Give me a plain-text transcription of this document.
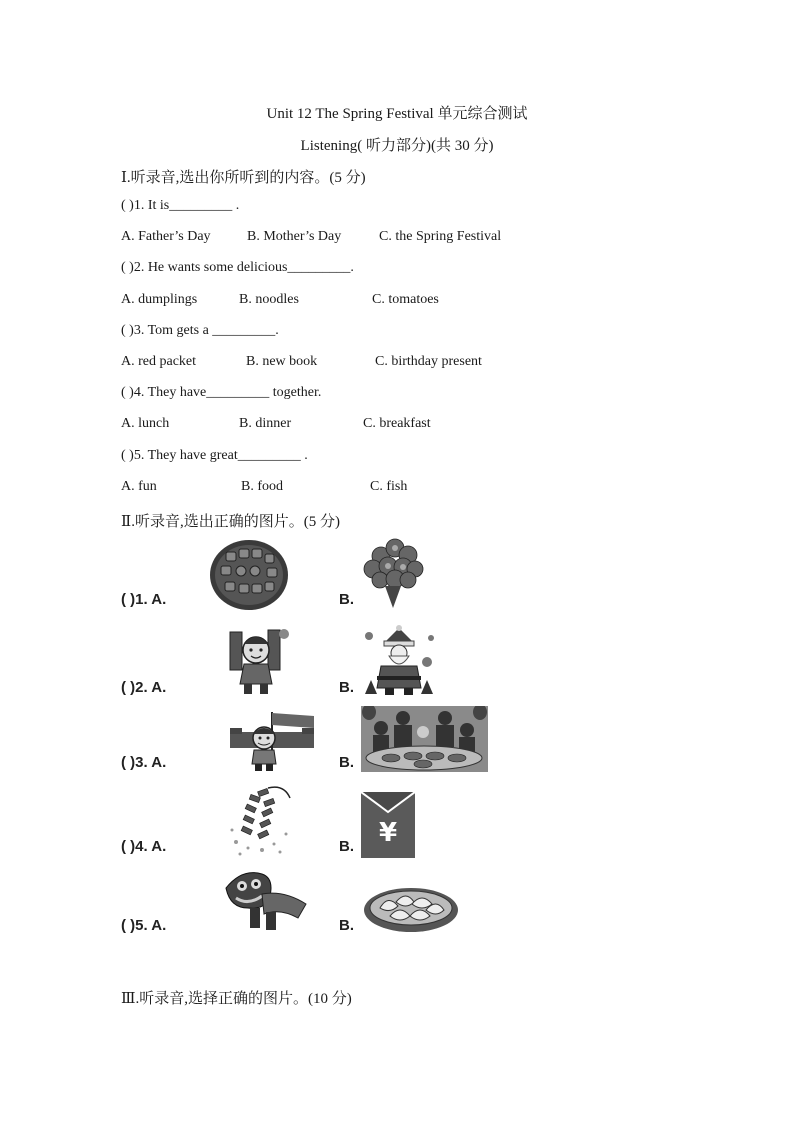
Unit 12 The Spring Festival 单元综合测试
Listening( 听力部分)(共 30 分)
Ⅰ.听录音,选出你所听到的内容。(5 分)
( )1. It is_________ .
A. Father’s Day	B. Mother’s Day	C. the Spring Festival
( )2. He wants some delicious_________.
A. dumplings	B. noodles	C. tomatoes
( )3. Tom gets a _________.
A. red packet	B. new book	C. birthday present
( )4. They have_________ together.
A. lunch	B. dinner	C. breakfast
( )5. They have great_________ .
A. fun	B. food	C. fish
Ⅱ.听录音,选出正确的图片。(5 分)
( )1. A.	B.
( )2. A.	B.
( )3. A.	B.
( )4. A.	B. ¥
( )5. A.	B.
Ⅲ.听录音,选择正确的图片。(10 分)
